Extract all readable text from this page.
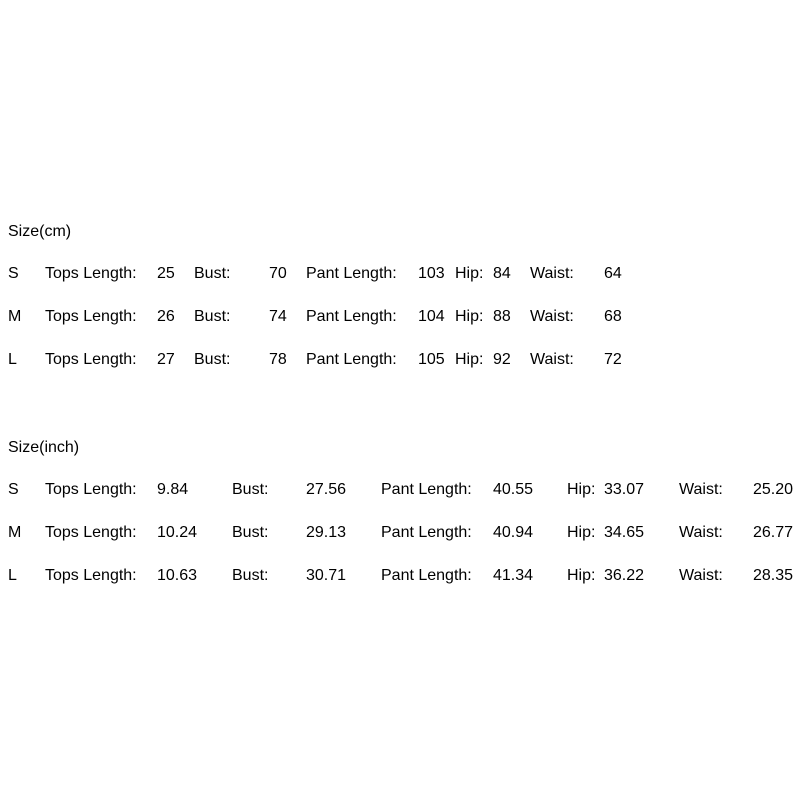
Size(cm)
S Tops Length: 25 Bust: 70 Pant Length: 103 Hip: 84 Waist: 64
M Tops Length: 26 Bust: 74 Pant Length: 104 Hip: 88 Waist: 68
L Tops Length: 27 Bust: 78 Pant Length: 105 Hip: 92 Waist: 72
Size(inch)
S Tops Length: 9.84	Bust: 27.56 Pant Length: 40.55 Hip: 33.07 Waist: 25.20
M Tops Length: 10.24 Bust: 29.13 Pant Length: 40.94 Hip: 34.65 Waist: 26.77
L Tops Length: 10.63 Bust: 30.71 Pant Length: 41.34 Hip: 36.22 Waist: 28.35
